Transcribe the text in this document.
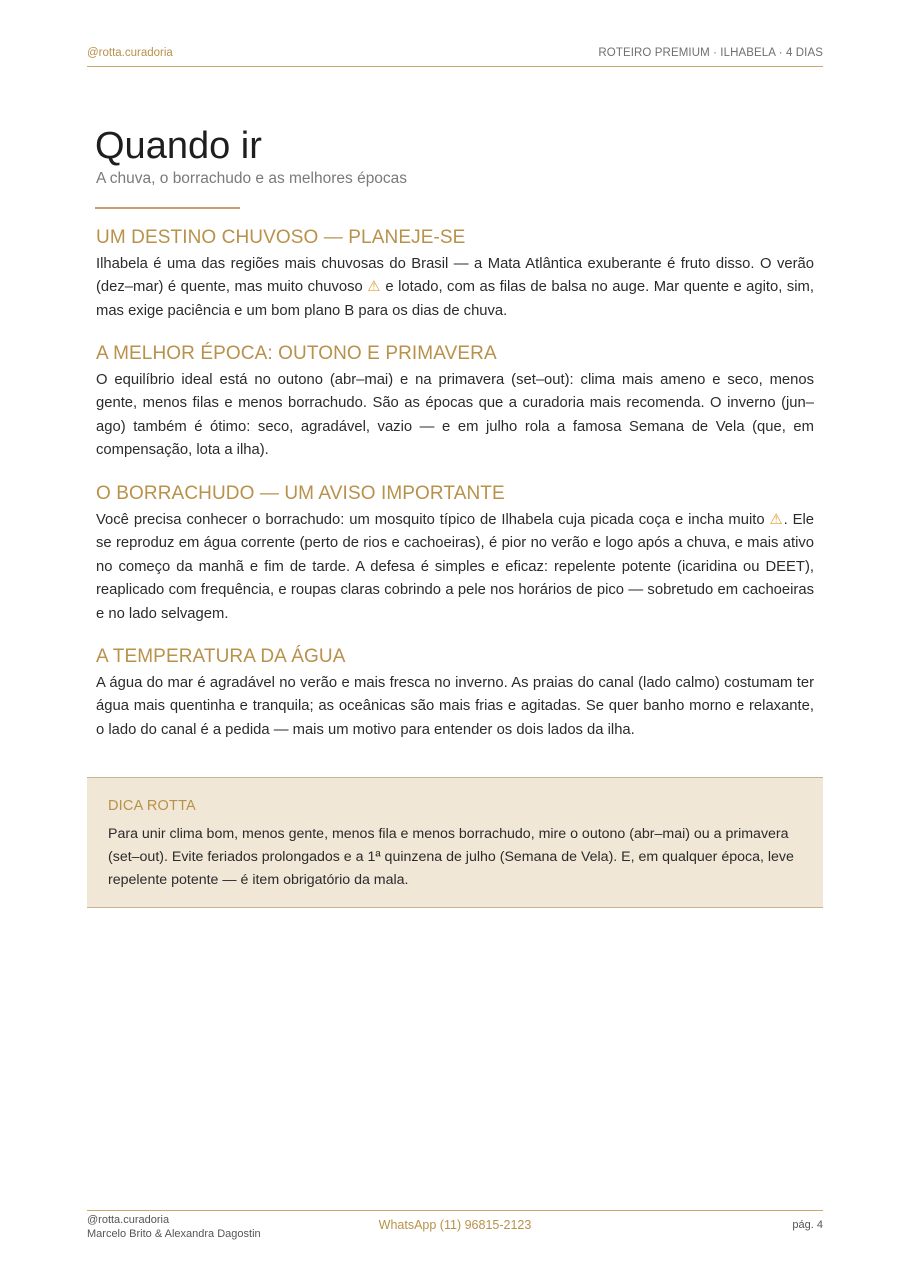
@rotta.curadoria	ROTEIRO PREMIUM · ILHABELA · 4 DIAS
Quando ir
A chuva, o borrachudo e as melhores épocas
UM DESTINO CHUVOSO — PLANEJE-SE

Ilhabela é uma das regiões mais chuvosas do Brasil — a Mata Atlântica exuberante é fruto disso. O verão (dez–mar) é quente, mas muito chuvoso ⚠ e lotado, com as filas de balsa no auge. Mar quente e agito, sim, mas exige paciência e um bom plano B para os dias de chuva.

A MELHOR ÉPOCA: OUTONO E PRIMAVERA

O equilíbrio ideal está no outono (abr–mai) e na primavera (set–out): clima mais ameno e seco, menos gente, menos filas e menos borrachudo. São as épocas que a curadoria mais recomenda. O inverno (jun–ago) também é ótimo: seco, agradável, vazio — e em julho rola a famosa Semana de Vela (que, em compensação, lota a ilha).

O BORRACHUDO — UM AVISO IMPORTANTE

Você precisa conhecer o borrachudo: um mosquito típico de Ilhabela cuja picada coça e incha muito ⚠. Ele se reproduz em água corrente (perto de rios e cachoeiras), é pior no verão e logo após a chuva, e mais ativo no começo da manhã e fim de tarde. A defesa é simples e eficaz: repelente potente (icaridina ou DEET), reaplicado com frequência, e roupas claras cobrindo a pele nos horários de pico — sobretudo em cachoeiras e no lado selvagem.

A TEMPERATURA DA ÁGUA

A água do mar é agradável no verão e mais fresca no inverno. As praias do canal (lado calmo) costumam ter água mais quentinha e tranquila; as oceânicas são mais frias e agitadas. Se quer banho morno e relaxante, o lado do canal é a pedida — mais um motivo para entender os dois lados da ilha.

DICA ROTTA

Para unir clima bom, menos gente, menos fila e menos borrachudo, mire o outono (abr–mai) ou a primavera (set–out). Evite feriados prolongados e a 1ª quinzena de julho (Semana de Vela). E, em qualquer época, leve repelente potente — é item obrigatório da mala.

@rotta.curadoria
Marcelo Brito & Alexandra Dagostin
WhatsApp (11) 96815-2123	pág. 4
